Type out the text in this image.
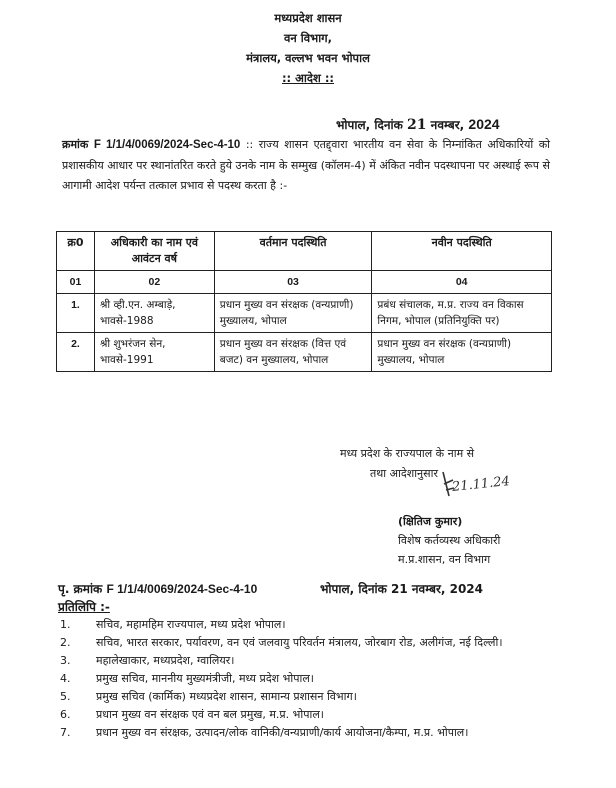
मध्यप्रदेश शासन
वन विभाग,
मंत्रालय, वल्लभ भवन भोपाल
:: आदेश ::
भोपाल, दिनांक 21 नवम्बर, 2024
क्रमांक F 1/1/4/0069/2024-Sec-4-10 :: राज्य शासन एतद्द्वारा भारतीय वन सेवा के निम्नांकित अधिकारियों को प्रशासकीय आधार पर स्थानांतरित करते हुये उनके नाम के सम्मुख (कॉलम-4) में अंकित नवीन पदस्थापना पर अस्थाई रूप से आगामी आदेश पर्यन्त तत्काल प्रभाव से पदस्थ करता है :-
क्र0	अधिकारी का नाम एवं आवंटन वर्ष	वर्तमान पदस्थिति	नवीन पदस्थिति
01	02	03	04
1.	श्री व्ही.एन. अम्बाड़े, भावसे-1988	प्रधान मुख्य वन संरक्षक (वन्यप्राणी) मुख्यालय, भोपाल	प्रबंध संचालक, म.प्र. राज्य वन विकास निगम, भोपाल (प्रतिनियुक्ति पर)
2.	श्री शुभरंजन सेन, भावसे-1991	प्रधान मुख्य वन संरक्षक (वित्त एवं बजट) वन मुख्यालय, भोपाल	प्रधान मुख्य वन संरक्षक (वन्यप्राणी) मुख्यालय, भोपाल
मध्य प्रदेश के राज्यपाल के नाम से
तथा आदेशानुसार
21.11.24
(क्षितिज कुमार)
विशेष कर्तव्यस्थ अधिकारी
म.प्र.शासन, वन विभाग
पृ. क्रमांक F 1/1/4/0069/2024-Sec-4-10	भोपाल, दिनांक 21 नवम्बर, 2024
प्रतिलिपि :-
1.	सचिव, महामहिम राज्यपाल, मध्य प्रदेश भोपाल।
2.	सचिव, भारत सरकार, पर्यावरण, वन एवं जलवायु परिवर्तन मंत्रालय, जोरबाग रोड, अलीगंज, नई दिल्ली।
3.	महालेखाकार, मध्यप्रदेश, ग्वालियर।
4.	प्रमुख सचिव, माननीय मुख्यमंत्रीजी, मध्य प्रदेश भोपाल।
5.	प्रमुख सचिव (कार्मिक) मध्यप्रदेश शासन, सामान्य प्रशासन विभाग।
6.	प्रधान मुख्य वन संरक्षक एवं वन बल प्रमुख, म.प्र. भोपाल।
7.	प्रधान मुख्य वन संरक्षक, उत्पादन/लोक वानिकी/वन्यप्राणी/कार्य आयोजना/कैम्पा, म.प्र. भोपाल।
